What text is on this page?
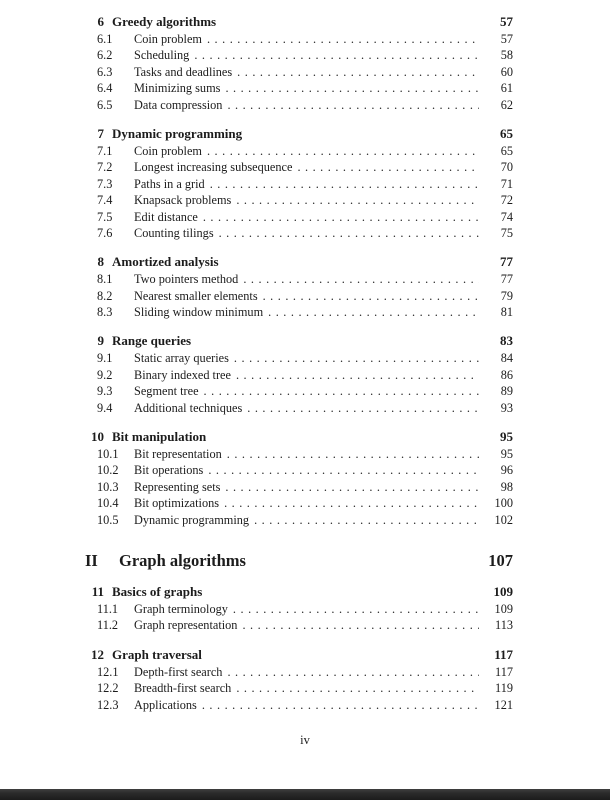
6 Greedy algorithms	57
6.1	Coin problem .....	57
6.2	Scheduling .....	58
6.3	Tasks and deadlines .....	60
6.4	Minimizing sums .....	61
6.5	Data compression .....	62
7 Dynamic programming	65
7.1	Coin problem .....	65
7.2	Longest increasing subsequence .....	70
7.3	Paths in a grid .....	71
7.4	Knapsack problems .....	72
7.5	Edit distance .....	74
7.6	Counting tilings .....	75
8 Amortized analysis	77
8.1	Two pointers method .....	77
8.2	Nearest smaller elements .....	79
8.3	Sliding window minimum .....	81
9 Range queries	83
9.1	Static array queries .....	84
9.2	Binary indexed tree .....	86
9.3	Segment tree .....	89
9.4	Additional techniques .....	93
10 Bit manipulation	95
10.1	Bit representation .....	95
10.2	Bit operations .....	96
10.3	Representing sets .....	98
10.4	Bit optimizations .....	100
10.5	Dynamic programming .....	102
II	Graph algorithms	107
11 Basics of graphs	109
11.1	Graph terminology .....	109
11.2	Graph representation .....	113
12 Graph traversal	117
12.1	Depth-first search .....	117
12.2	Breadth-first search .....	119
12.3	Applications .....	121
iv
